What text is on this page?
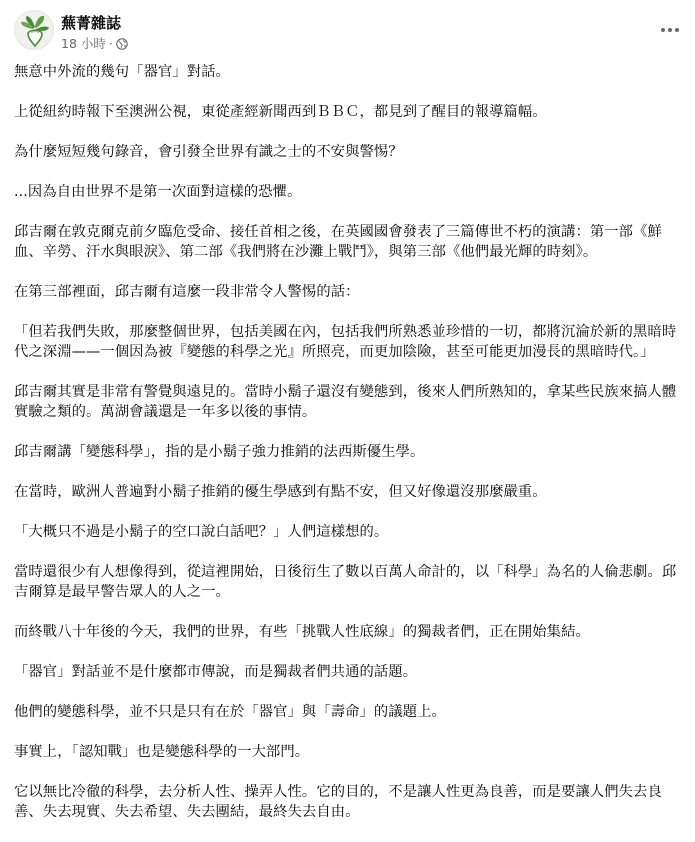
蕪菁雜誌
18 小時 ·

無意中外流的幾句「器官」對話。

上從紐約時報下至澳洲公視，東從產經新聞西到ＢＢＣ，都見到了醒目的報導篇幅。

為什麼短短幾句錄音，會引發全世界有識之士的不安與警惕？

...因為自由世界不是第一次面對這樣的恐懼。

邱吉爾在敦克爾克前夕臨危受命、接任首相之後，在英國國會發表了三篇傳世不朽的演講：第一部《鮮血、辛勞、汗水與眼淚》、第二部《我們將在沙灘上戰鬥》，與第三部《他們最光輝的時刻》。

在第三部裡面，邱吉爾有這麼一段非常令人警惕的話：

「但若我們失敗，那麼整個世界，包括美國在內，包括我們所熟悉並珍惜的一切，都將沉淪於新的黑暗時代之深淵——一個因為被『變態的科學之光』所照亮，而更加陰險，甚至可能更加漫長的黑暗時代。」

邱吉爾其實是非常有警覺與遠見的。當時小鬍子還沒有變態到，後來人們所熟知的，拿某些民族來搞人體實驗之類的。萬湖會議還是一年多以後的事情。

邱吉爾講「變態科學」，指的是小鬍子強力推銷的法西斯優生學。

在當時，歐洲人普遍對小鬍子推銷的優生學感到有點不安，但又好像還沒那麼嚴重。

「大概只不過是小鬍子的空口說白話吧？」人們這樣想的。

當時還很少有人想像得到，從這裡開始，日後衍生了數以百萬人命計的，以「科學」為名的人倫悲劇。邱吉爾算是最早警告眾人的人之一。

而終戰八十年後的今天，我們的世界，有些「挑戰人性底線」的獨裁者們，正在開始集結。

「器官」對話並不是什麼都市傳說，而是獨裁者們共通的話題。

他們的變態科學，並不只是只有在於「器官」與「壽命」的議題上。

事實上，「認知戰」也是變態科學的一大部門。

它以無比冷徹的科學，去分析人性、操弄人性。它的目的，不是讓人性更為良善，而是要讓人們失去良善、失去現實、失去希望、失去團結，最終失去自由。
